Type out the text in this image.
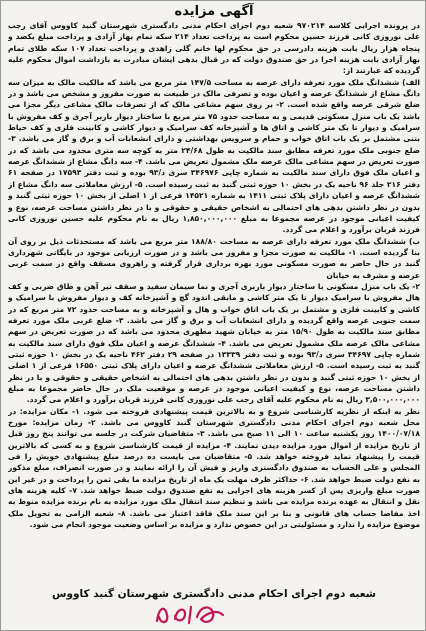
آگهی مزایده

در پرونده اجرایی کلاسه ۹۷۰۲۱۴ شعبه دوم اجرای احکام مدنی دادگستری شهرستان گنبد کاووس آقای رجب علی نوروزی کانی فرزند حسین محکوم است به پرداخت تعداد ۲۱۴ سکه تمام بهار آزادی و پرداخت مبلغ یکصد و پنجاه هزار ریال بابت هزینه دادرسی در حق محکوم لها خانم گلی زاهدی و پرداخت تعداد ۱۰۷ سکه طلای تمام بهار آزادی بابت هزینه اجرا در حق صندوق دولت که در قبال بدهی ایشان مبادرت به بازداشت اموال محکوم علیه گردیده که عبارتند از:

الف) ششدانگ ملک مورد تعرفه دارای عرصه به مساحت ۱۴۷/۵ متر مربع می باشد که مالکیت مالک به میزان سه دانگ مشاع از ششدانگ عرصه و اعیان بوده و تصرفی مالک در طبیعت به صورت مفروز و مشخص می باشد و در ضلع شرقی عرصه واقع شده است. ۲- بر روی سهم مشاعی مالک که از تصرفات مالک مشاعی دیگر مجزا می باشد یک باب منزل مسکونی قدیمی و به مساحت حدود ۷۵ متر مربع با ساختار دیوار باربر آجری و کف مفروش با سرامیک و دیوار تا یک متر کاشی و اتاق ها و آشپزخانه کف سرامیک و دیوار کاشی و کابینت فلزی و کف حیاط بتنی مشتمل بر یک باب اتاق خواب و حمام و سرویس بهداشتی و دارای انشعابات آب و برق و گاز می باشد. ۳- ضلع جنوبی ملک مورد تعرفه مطابق سند مالکیت به طول ۲۴/۶۸ متر به کوچه سه متری محدود می باشد که در صورت تعریض در سهم مشاعی مالک عرصه ملک مشمول تعریض می باشد. ۴- سه دانگ مشاع از ششدانگ عرصه و اعیان ملک فوق دارای سند مالکیت به شماره چاپی ۳۴۶۹۷۶ سری د/۹۳ بوده و ثبت دفتر ۱۷۵۹۳ در صفحه ۶۱ دفتر ۲۱۶ جلد ۹۶ ناحیه یک در بخش ۱۰ حوزه ثبتی گنبد به ثبت رسیده است. ۵- ارزش معاملاتی سه دانگ مشاع از ششدانگ عرصه و اعیان دارای پلاک ثبتی ۱۴۱۱ به شماره ۱۴۵۲۱ فرعی از ۱ اصلی از بخش ۱۰ حوزه ثبتی گنبد و بدون در نظر داشتن بدهی های احتمالی به اشخاص حقیقی و حقوقی و با در نظر داشتن مساحت عرصه، نوع و کیفیت اعیانی موجود در عرصه مجموعا به مبلغ ۱,۸۵۰,۰۰۰,۰۰۰ ریال به نام محکوم علیه حسین نوروزی کانی فرزند قربان برآورد و اعلام می گردد.

ب) ششدانگ ملک مورد تعرفه دارای عرصه به مساحت ۱۸۸/۸۰ متر مربع می باشد که مستحدثات ذیل بر روی آن بنا گردیده است. ۱- مالکیت به صورت مجزا و مفروز می باشد و در صورت ارزیابی موجود در بایگانی شهرداری گنبد در حال حاضر به صورت مسکونی مورد بهره برداری قرار گرفته و راهروی مسقف واقع در سمت غربی عرصه و مشرف به خیابان

۲- یک باب منزل مسکونی با ساختار دیوار باربری آجری و نما سیمان سفید و سقف تیر آهن و طاق ضربی و کف هال مفروش با سرامیک دیوار تا یک متر کاشی و مابقی اندود گچ و آشپزخانه کف و دیوار مفروش با سرامیک و کاشی و کابینت فلزی و مشتمل بر یک باب اتاق خواب و هال و آشپزخانه و به مساحت حدود ۷۲ متر مربع که در سمت جنوبی عرصه واقع گردیده و دارای انشعابات آب و برق و گاز می باشد. ۳- ضلع غربی ملک مورد تعرفه مطابق سند مالکیت به طول ۱۵/۹۰ متر به خیابان شهید مطهری محدود می باشد که در صورت تعریض در سهم مشاعی مالک عرصه ملک مشمول تعریض می باشد. ۴- ششدانگ عرصه و اعیان ملک فوق دارای سند مالکیت به شماره چاپی ۳۴۶۹۷ سری د/۹۳ بوده و ثبت دفتر ۱۳۳۳۹ در صفحه ۲۹ دفتر ۴۶۲ ناحیه یک در بخش ۱۰ حوزه ثبتی گنبد به ثبت رسیده است. ۵- ارزش معاملاتی ششدانگ عرصه و اعیان دارای پلاک ثبتی ۱۶۵۵۰ فرعی از ۱ اصلی از بخش ۱۰ حوزه ثبتی گنبد و بدون در نظر داشتن بدهی های احتمالی به اشخاص حقیقی و حقوقی و با در نظر داشتن مساحت عرصه، نوع و کیفیت اعیانی موجود در عرصه و موقعیت ملک در حال حاضر مجموعا به مبلغ ۳,۵۰۰,۰۰۰,۰۰۰ ریال به نام محکوم علیه آقای رجب علی نوروزی کانی فرزند قربان برآورد و اعلام می گردد.

نظر به اینکه از نظریه کارشناسی شروع و به بالاترین قیمت پیشنهادی فروخته می شود. ۱- مکان مزایده: در محل شعبه دوم اجرای احکام مدنی دادگستری شهرستان گنبد کاووس می باشد. ۲- زمان مزایده: مورخ ۱۴۰۰/۰۷/۱۸ روز یکشنبه ساعت ۱۰ الی ۱۱ صبح می باشد. ۳- متقاضیان شرکت در جلسه می توانند پنج روز قبل از تاریخ مزایده از اموال مورد مزایده دیدن نمایند. ۴- مزایده از قیمت کارشناسی شروع و به کسی که بالاترین قیمت را پیشنهاد نماید فروخته خواهد شد. ۵- متقاضیان می بایست ده درصد مبلغ پیشنهادی خویش را فی المجلس و علی الحساب به صندوق دادگستری واریز و فیش آن را ارائه نمایند و در صورت انصراف، مبلغ مذکور به نفع دولت ضبط خواهد شد. ۶- حداکثر ظرف مهلت یک ماه از تاریخ مزایده ما بقی ثمن را پرداخت و در غیر این صورت مبلغ واریزی پس از کسر هزینه های اجرایی به نفع صندوق دولت ضبط خواهد شد. ۷- کلیه هزینه های نقل و انتقال به عهده برنده مزایده می باشد و تنظیم سند انتقال ملک مورد مزایده به نام برنده مزایده منوط به اخذ مفاصا حساب های قانونی و بنا بر این سند ملک فاقد اعتبار می باشد. ۸- شعبه الزامی به تحویل ملک موضوع مزایده را ندارد و مسئولیتی در این خصوص ندارد و مزایده بر اساس وضعیت موجود انجام می شود.

شعبه دوم اجرای احکام مدنی دادگستری شهرستان گنبد کاووس
